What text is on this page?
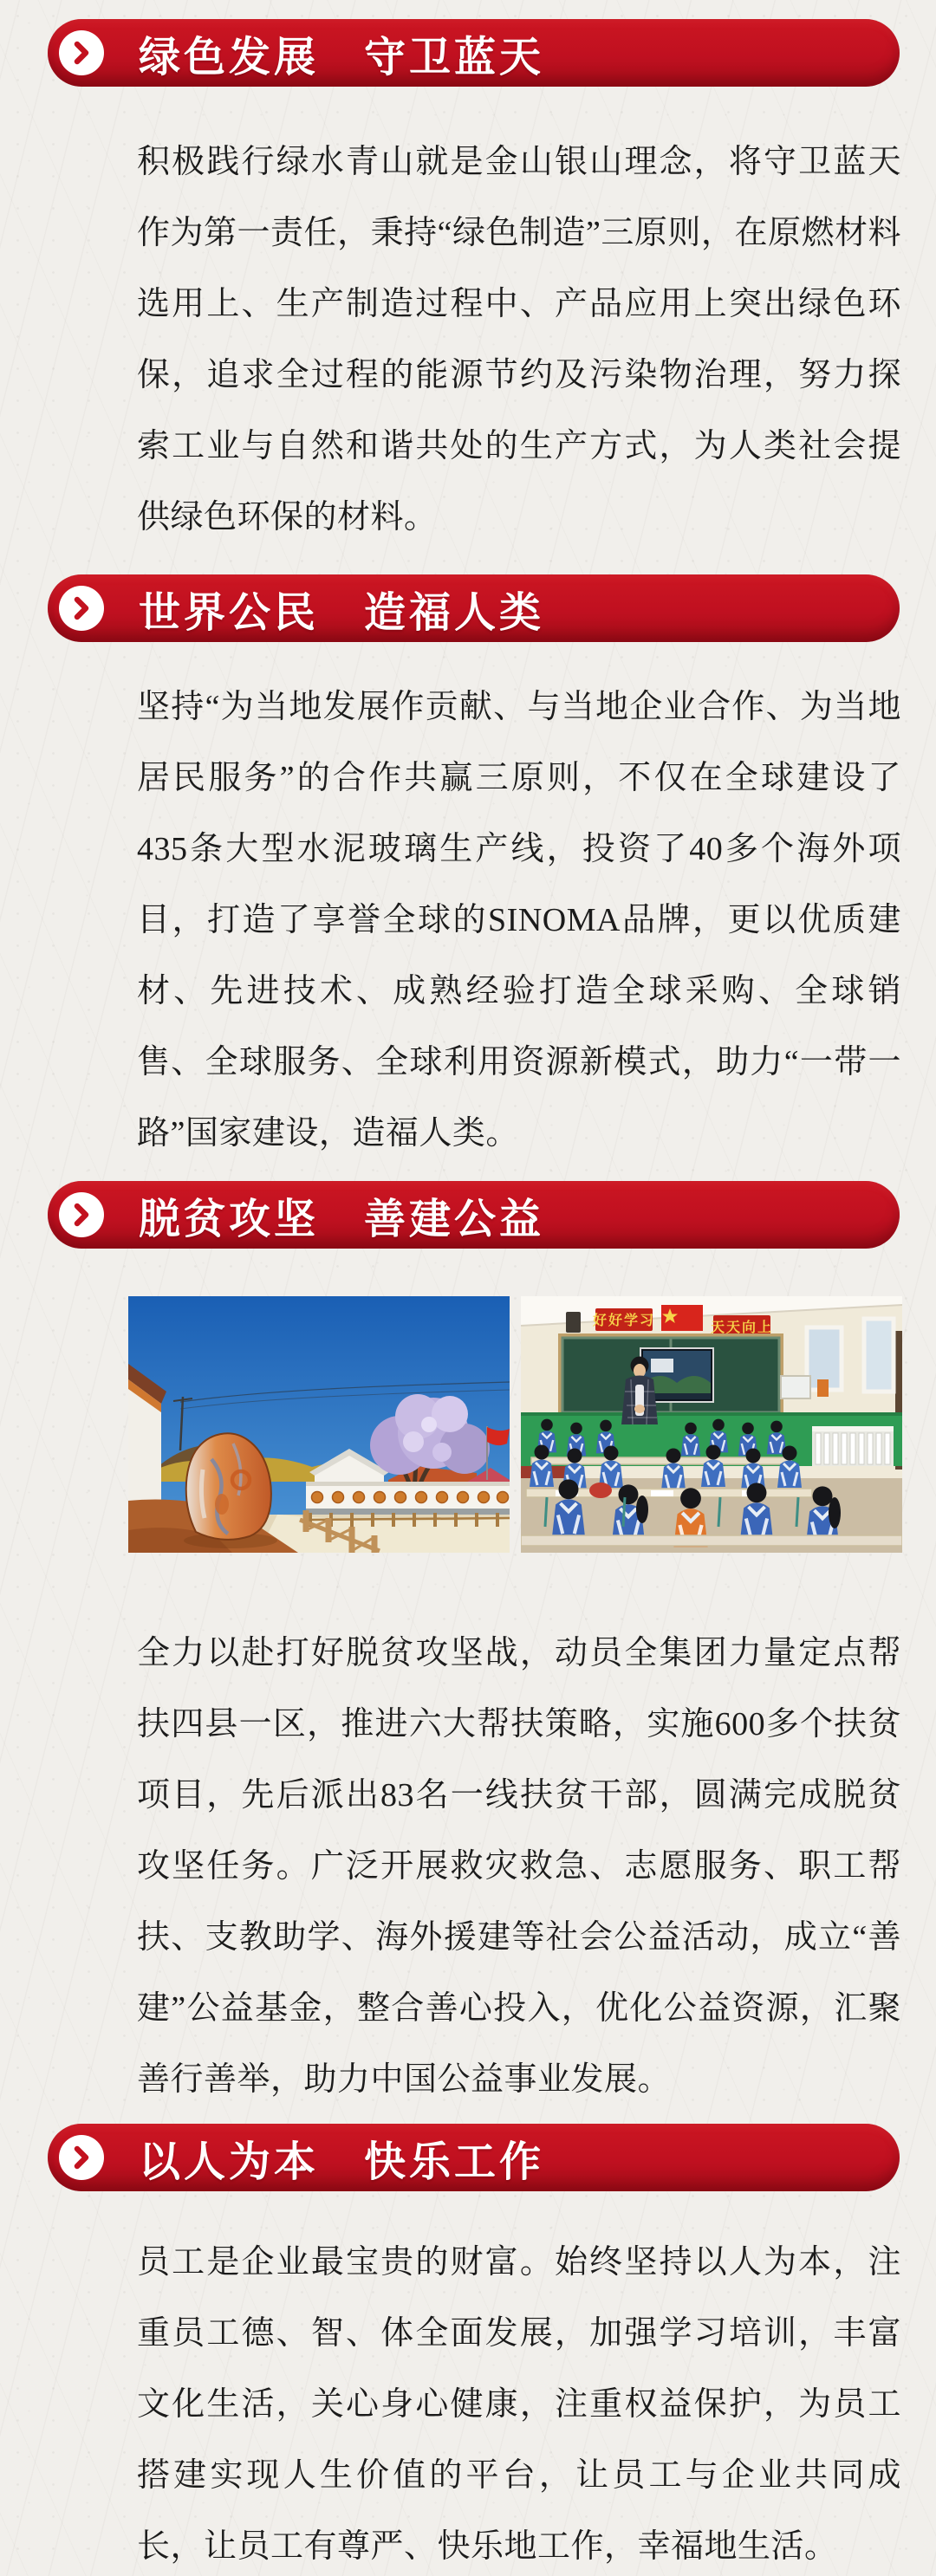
绿色发展　守卫蓝天

积极践行绿水青山就是金山银山理念，将守卫蓝天作为第一责任，秉持“绿色制造”三原则，在原燃材料选用上、生产制造过程中、产品应用上突出绿色环保，追求全过程的能源节约及污染物治理，努力探索工业与自然和谐共处的生产方式，为人类社会提供绿色环保的材料。

世界公民　造福人类

坚持“为当地发展作贡献、与当地企业合作、为当地居民服务”的合作共赢三原则，不仅在全球建设了435条大型水泥玻璃生产线，投资了40多个海外项目，打造了享誉全球的SINOMA品牌，更以优质建材、先进技术、成熟经验打造全球采购、全球销售、全球服务、全球利用资源新模式，助力“一带一路”国家建设，造福人类。

脱贫攻坚　善建公益
好好学习	天天向上

全力以赴打好脱贫攻坚战，动员全集团力量定点帮扶四县一区，推进六大帮扶策略，实施600多个扶贫项目，先后派出83名一线扶贫干部，圆满完成脱贫攻坚任务。广泛开展救灾救急、志愿服务、职工帮扶、支教助学、海外援建等社会公益活动，成立“善建”公益基金，整合善心投入，优化公益资源，汇聚善行善举，助力中国公益事业发展。

以人为本　快乐工作

员工是企业最宝贵的财富。始终坚持以人为本，注重员工德、智、体全面发展，加强学习培训，丰富文化生活，关心身心健康，注重权益保护，为员工搭建实现人生价值的平台，让员工与企业共同成长，让员工有尊严、快乐地工作，幸福地生活。
